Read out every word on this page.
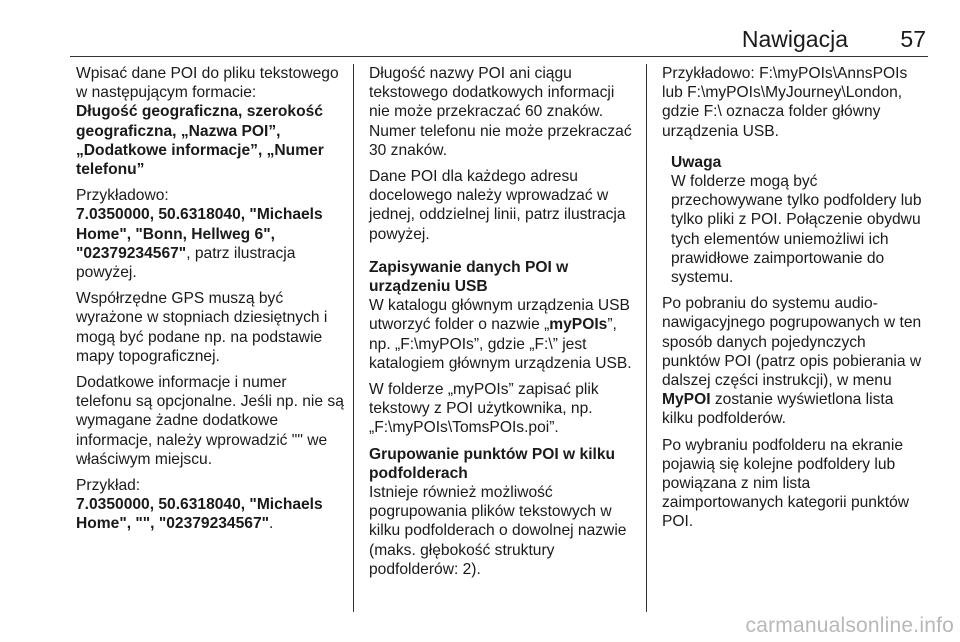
Nawigacja 57

Wpisać dane POI do pliku tekstowego w następującym formacie:

Długość geograficzna, szerokość geograficzna, „Nazwa POI”, „Dodatkowe informacje”, „Numer telefonu”

Przykładowo:
7.0350000, 50.6318040, "Michaels Home", "Bonn, Hellweg 6", "02379234567", patrz ilustracja powyżej.

Współrzędne GPS muszą być wyrażone w stopniach dziesiętnych i mogą być podane np. na podstawie mapy topograficznej.

Dodatkowe informacje i numer telefonu są opcjonalne. Jeśli np. nie są wymagane żadne dodatkowe informacje, należy wprowadzić "" we właściwym miejscu.

Przykład:
7.0350000, 50.6318040, "Michaels Home", "", "02379234567".

Długość nazwy POI ani ciągu tekstowego dodatkowych informacji nie może przekraczać 60 znaków. Numer telefonu nie może przekraczać 30 znaków.

Dane POI dla każdego adresu docelowego należy wprowadzać w jednej, oddzielnej linii, patrz ilustracja powyżej.

Zapisywanie danych POI w urządzeniu USB

W katalogu głównym urządzenia USB utworzyć folder o nazwie „myPOIs”, np. „F:\myPOIs”, gdzie „F:\” jest katalogiem głównym urządzenia USB.

W folderze „myPOIs” zapisać plik tekstowy z POI użytkownika, np. „F:\myPOIs\TomsPOIs.poi”.

Grupowanie punktów POI w kilku podfolderach

Istnieje również możliwość pogrupowania plików tekstowych w kilku podfolderach o dowolnej nazwie (maks. głębokość struktury podfolderów: 2).

Przykładowo: F:\myPOIs\AnnsPOIs lub F:\myPOIs\MyJourney\London, gdzie F:\ oznacza folder główny urządzenia USB.

Uwaga
W folderze mogą być przechowywane tylko podfoldery lub tylko pliki z POI. Połączenie obydwu tych elementów uniemożliwi ich prawidłowe zaimportowanie do systemu.

Po pobraniu do systemu audio-nawigacyjnego pogrupowanych w ten sposób danych pojedynczych punktów POI (patrz opis pobierania w dalszej części instrukcji), w menu MyPOI zostanie wyświetlona lista kilku podfolderów.

Po wybraniu podfolderu na ekranie pojawią się kolejne podfoldery lub powiązana z nim lista zaimportowanych kategorii punktów POI.

carmanualsonline.info
